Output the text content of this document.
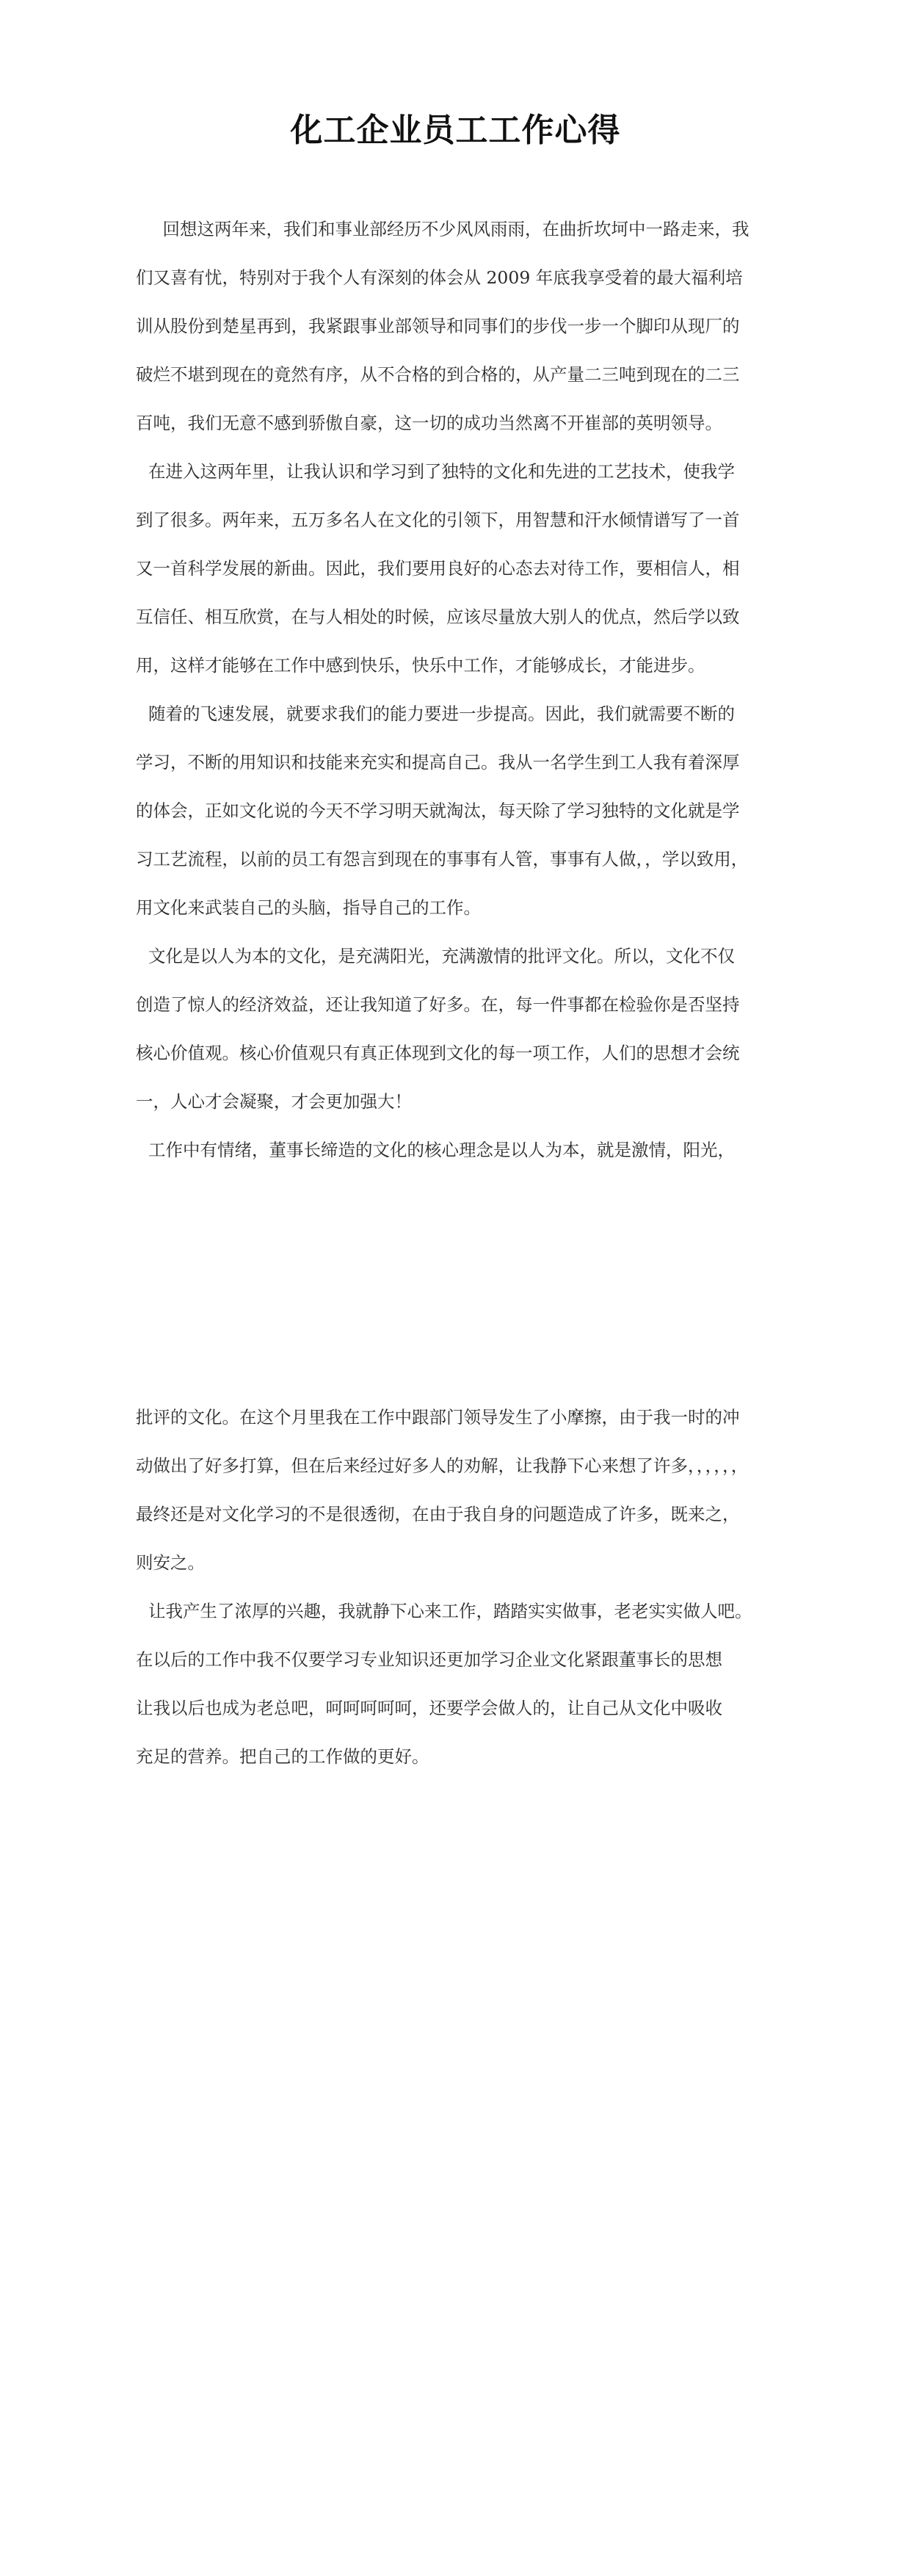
化工企业员工工作心得
　回想这两年来，我们和事业部经历不少风风雨雨，在曲折坎坷中一路走来，我
们又喜有忧，特别对于我个人有深刻的体会从 2009 年底我享受着的最大福利培
训从股份到楚星再到，我紧跟事业部领导和同事们的步伐一步一个脚印从现厂的
破烂不堪到现在的竟然有序，从不合格的到合格的，从产量二三吨到现在的二三
百吨，我们无意不感到骄傲自豪，这一切的成功当然离不开崔部的英明领导。
在进入这两年里，让我认识和学习到了独特的文化和先进的工艺技术，使我学
到了很多。两年来，五万多名人在文化的引领下，用智慧和汗水倾情谱写了一首
又一首科学发展的新曲。因此，我们要用良好的心态去对待工作，要相信人，相
互信任、相互欣赏，在与人相处的时候，应该尽量放大别人的优点，然后学以致
用，这样才能够在工作中感到快乐，快乐中工作，才能够成长，才能进步。
随着的飞速发展，就要求我们的能力要进一步提高。因此，我们就需要不断的
学习，不断的用知识和技能来充实和提高自己。我从一名学生到工人我有着深厚
的体会，正如文化说的今天不学习明天就淘汰，每天除了学习独特的文化就是学
习工艺流程，以前的员工有怨言到现在的事事有人管，事事有人做，，学以致用，
用文化来武装自己的头脑，指导自己的工作。
文化是以人为本的文化，是充满阳光，充满激情的批评文化。所以，文化不仅
创造了惊人的经济效益，还让我知道了好多。在，每一件事都在检验你是否坚持
核心价值观。核心价值观只有真正体现到文化的每一项工作，人们的思想才会统
一，人心才会凝聚，才会更加强大！
工作中有情绪，董事长缔造的文化的核心理念是以人为本，就是激情，阳光，
批评的文化。在这个月里我在工作中跟部门领导发生了小摩擦，由于我一时的冲
动做出了好多打算，但在后来经过好多人的劝解，让我静下心来想了许多，，，，，，
最终还是对文化学习的不是很透彻，在由于我自身的问题造成了许多，既来之，
则安之。
让我产生了浓厚的兴趣，我就静下心来工作，踏踏实实做事，老老实实做人吧。
在以后的工作中我不仅要学习专业知识还更加学习企业文化紧跟董事长的思想
让我以后也成为老总吧，呵呵呵呵呵，还要学会做人的，让自己从文化中吸收
充足的营养。把自己的工作做的更好。
